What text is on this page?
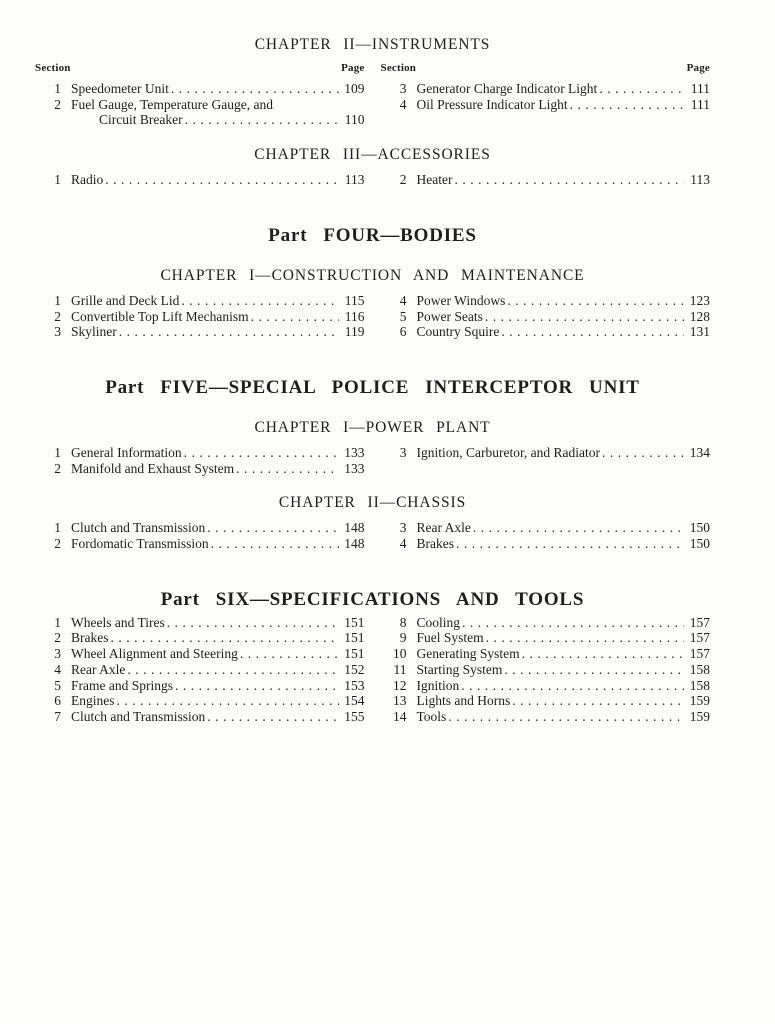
CHAPTER II—INSTRUMENTS
Section	Page Section	Page
1 Speedometer Unit .....	109
2 Fuel Gauge, Temperature Gauge, and
Circuit Breaker .....	110
3 Generator Charge Indicator Light .....	111
4 Oil Pressure Indicator Light .....	111
CHAPTER III—ACCESSORIES
1 Radio .....	113	2 Heater .....	113
Part FOUR—BODIES
CHAPTER I—CONSTRUCTION AND MAINTENANCE
1 Grille and Deck Lid .....	115
2 Convertible Top Lift Mechanism .....	116
3 Skyliner .....	119
4 Power Windows .....	123
5 Power Seats .....	128
6 Country Squire .....	131
Part FIVE—SPECIAL POLICE INTERCEPTOR UNIT
CHAPTER I—POWER PLANT
1 General Information .....	133
2 Manifold and Exhaust System .....	133
3 Ignition, Carburetor, and Radiator .....	134
CHAPTER II—CHASSIS
1 Clutch and Transmission .....	148
2 Fordomatic Transmission .....	148
3 Rear Axle .....	150
4 Brakes .....	150
Part SIX—SPECIFICATIONS AND TOOLS
1 Wheels and Tires .....	151
2 Brakes .....	151
3 Wheel Alignment and Steering .....	151
4 Rear Axle .....	152
5 Frame and Springs .....	153
6 Engines .....	154
7 Clutch and Transmission .....	155
8 Cooling .....	157
9 Fuel System .....	157
10 Generating System .....	157
11 Starting System .....	158
12 Ignition .....	158
13 Lights and Horns .....	159
14 Tools .....	159
